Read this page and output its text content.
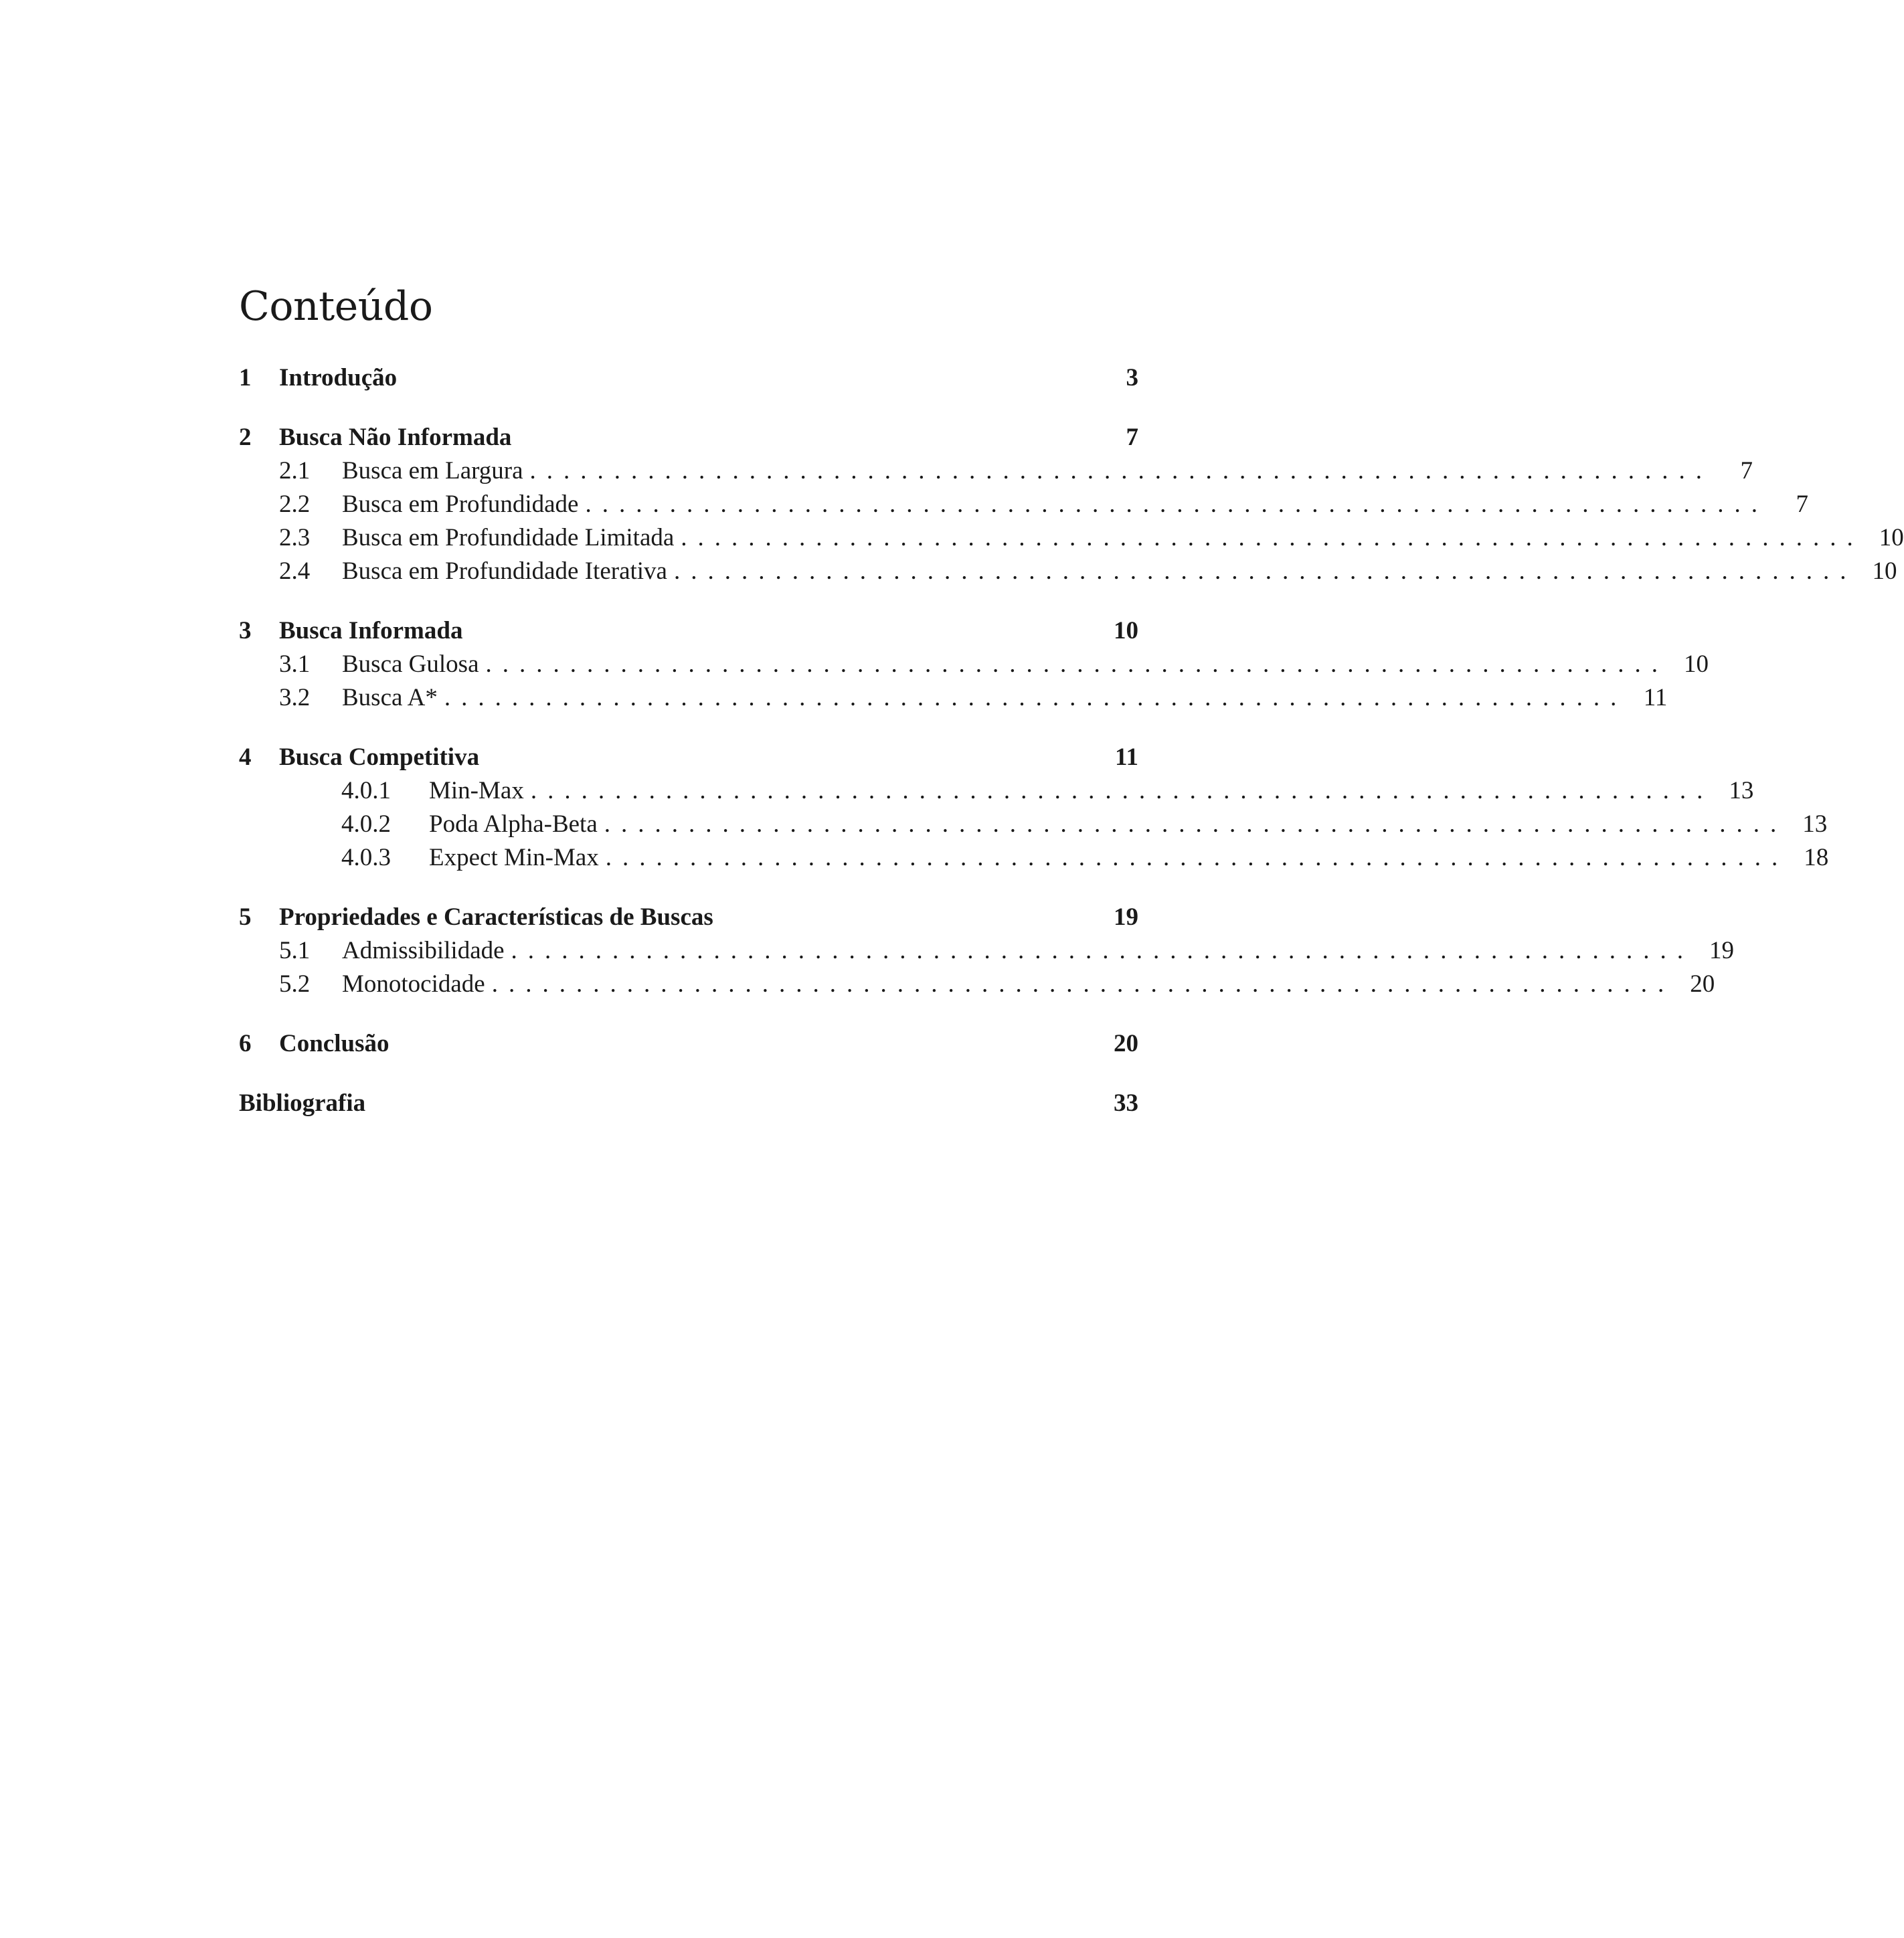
Conteúdo
1	Introdução	3
2	Busca Não Informada	7
2.1	Busca em Largura ......................................................................	7
2.2	Busca em Profundidade ......................................................................	7
2.3	Busca em Profundidade Limitada ...................................................................... 10
2.4	Busca em Profundidade Iterativa ...................................................................... 10
3	Busca Informada	10
3.1	Busca Gulosa ...................................................................... 10
3.2	Busca A* ...................................................................... 11
4	Busca Competitiva	11
4.0.1	Min-Max ...................................................................... 13
4.0.2	Poda Alpha-Beta ...................................................................... 13
4.0.3	Expect Min-Max ...................................................................... 18
5	Propriedades e Características de Buscas	19
5.1	Admissibilidade ...................................................................... 19
5.2	Monotocidade ...................................................................... 20
6	Conclusão	20
Bibliografia	33
